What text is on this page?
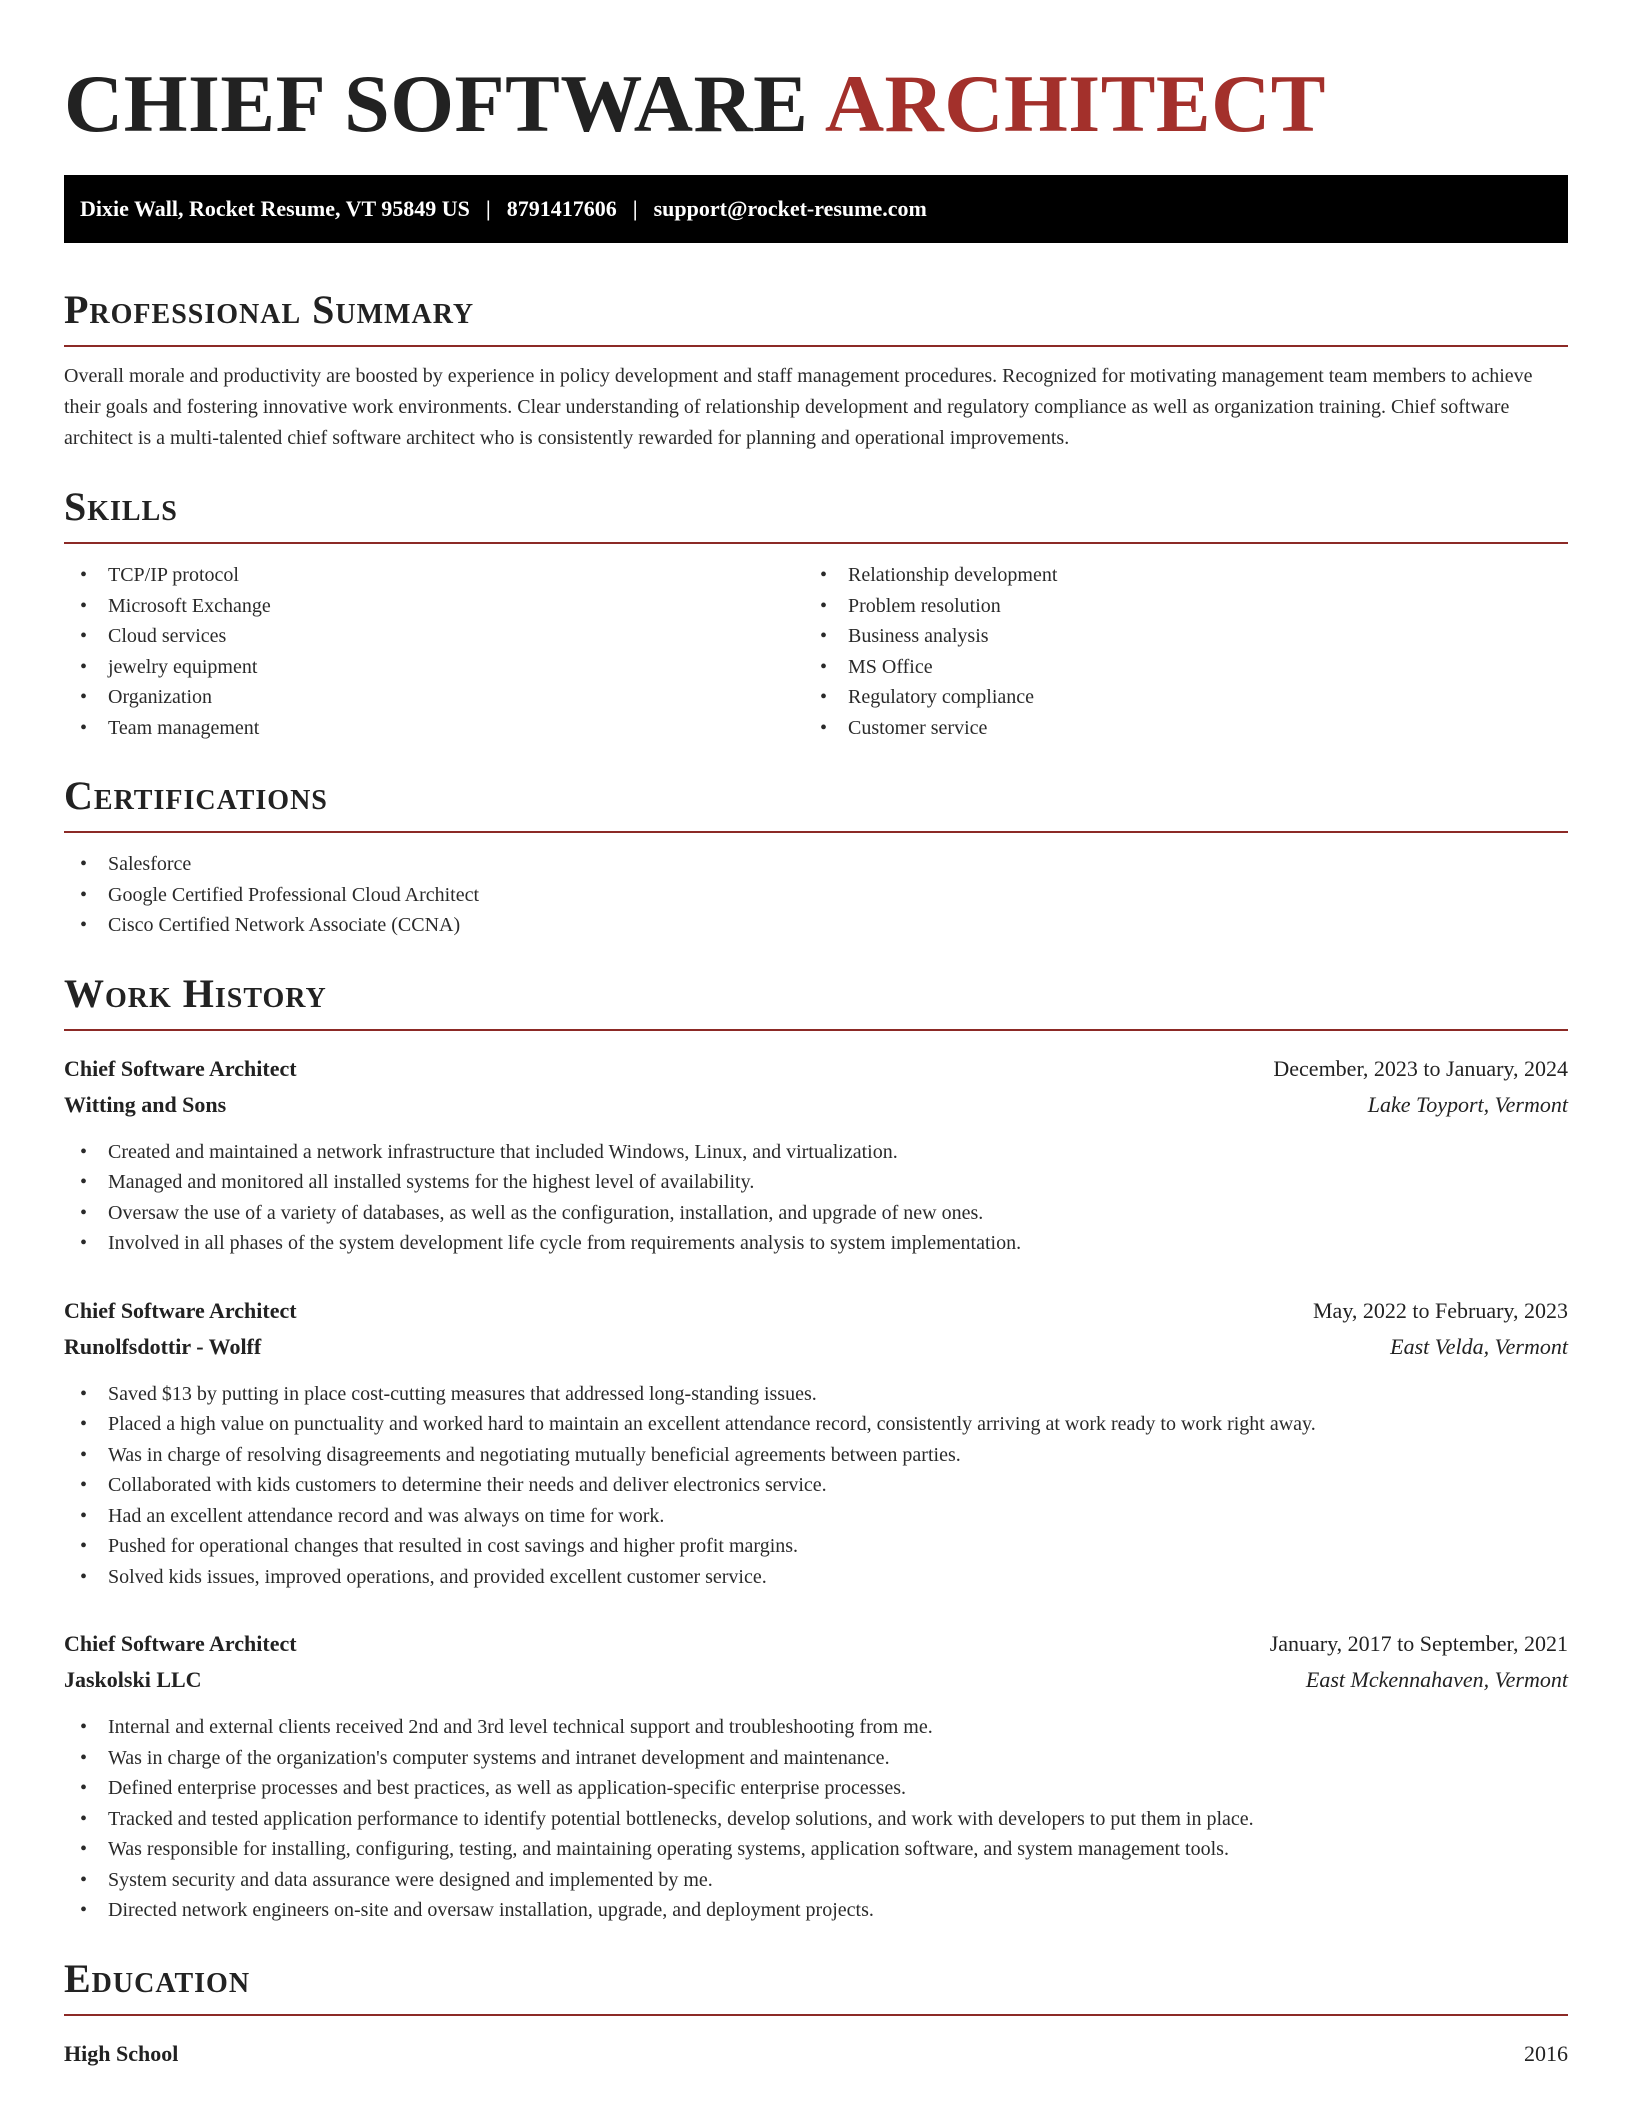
CHIEF SOFTWARE ARCHITECT
Dixie Wall, Rocket Resume, VT 95849 US | 8791417606 | support@rocket-resume.com
Professional Summary

Overall morale and productivity are boosted by experience in policy development and staff management procedures. Recognized for motivating management team members to achieve their goals and fostering innovative work environments. Clear understanding of relationship development and regulatory compliance as well as organization training. Chief software architect is a multi-talented chief software architect who is consistently rewarded for planning and operational improvements.

Skills
• TCP/IP protocol
• Microsoft Exchange
• Cloud services
• jewelry equipment
• Organization
• Team management
• Relationship development
• Problem resolution
• Business analysis
• MS Office
• Regulatory compliance
• Customer service
Certifications
• Salesforce
• Google Certified Professional Cloud Architect
• Cisco Certified Network Associate (CCNA)
Work History
Chief Software Architect	December, 2023 to January, 2024
Witting and Sons	Lake Toyport, Vermont
• Created and maintained a network infrastructure that included Windows, Linux, and virtualization.
• Managed and monitored all installed systems for the highest level of availability.
• Oversaw the use of a variety of databases, as well as the configuration, installation, and upgrade of new ones.
• Involved in all phases of the system development life cycle from requirements analysis to system implementation.
Chief Software Architect	May, 2022 to February, 2023
Runolfsdottir - Wolff	East Velda, Vermont
• Saved $13 by putting in place cost-cutting measures that addressed long-standing issues.
• Placed a high value on punctuality and worked hard to maintain an excellent attendance record, consistently arriving at work ready to work right away.
• Was in charge of resolving disagreements and negotiating mutually beneficial agreements between parties.
• Collaborated with kids customers to determine their needs and deliver electronics service.
• Had an excellent attendance record and was always on time for work.
• Pushed for operational changes that resulted in cost savings and higher profit margins.
• Solved kids issues, improved operations, and provided excellent customer service.
Chief Software Architect	January, 2017 to September, 2021
Jaskolski LLC	East Mckennahaven, Vermont
• Internal and external clients received 2nd and 3rd level technical support and troubleshooting from me.
• Was in charge of the organization's computer systems and intranet development and maintenance.
• Defined enterprise processes and best practices, as well as application-specific enterprise processes.
• Tracked and tested application performance to identify potential bottlenecks, develop solutions, and work with developers to put them in place.
• Was responsible for installing, configuring, testing, and maintaining operating systems, application software, and system management tools.
• System security and data assurance were designed and implemented by me.
• Directed network engineers on-site and oversaw installation, upgrade, and deployment projects.
Education
High School	2016
